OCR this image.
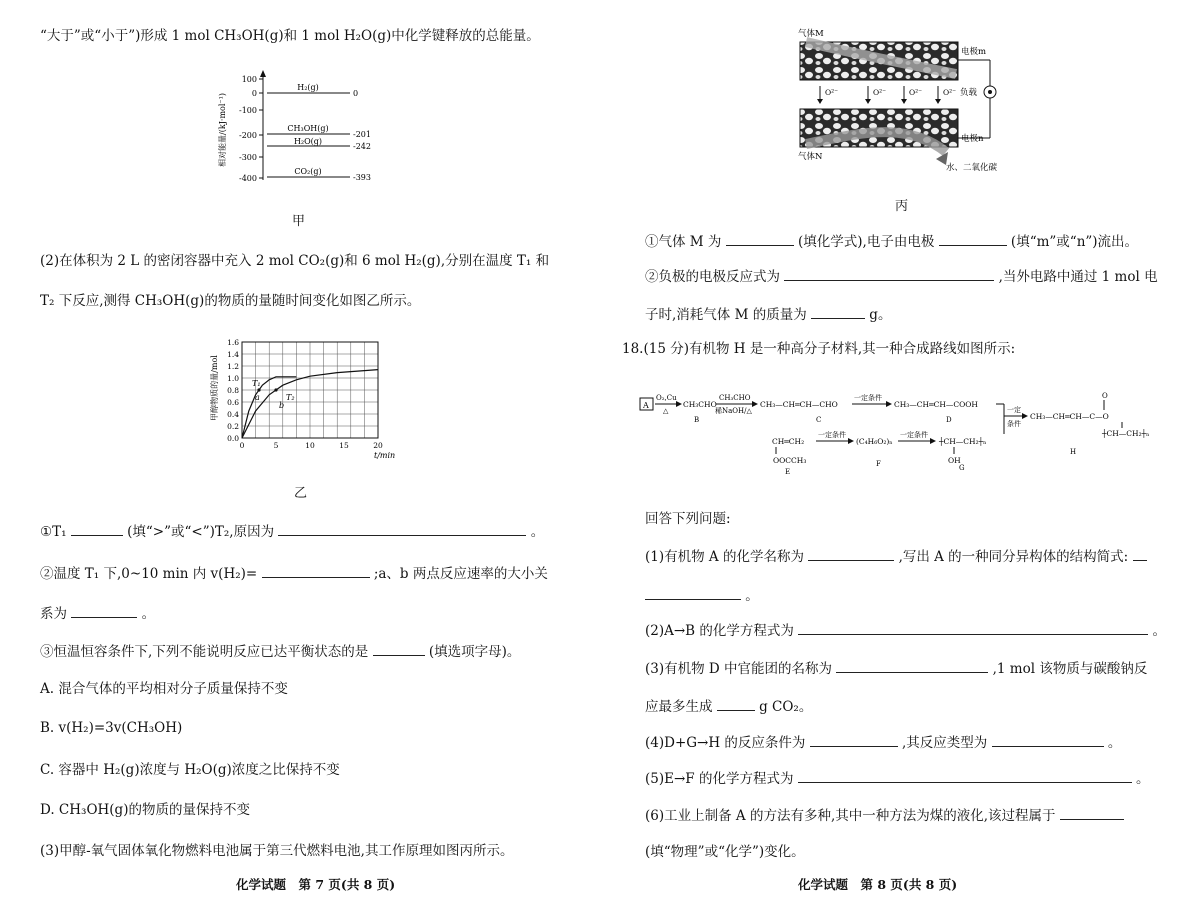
“大于”或“小于”)形成 1 mol CH₃OH(g)和 1 mol H₂O(g)中化学键释放的总能量。
相对能量/(kJ·mol⁻¹)
100
0
-100
-200
-300
-400
H₂(g)
0
CH₃OH(g)
-201
H₂O(g)
-242
CO₂(g)
-393
甲
(2)在体积为 2 L 的密闭容器中充入 2 mol CO₂(g)和 6 mol H₂(g),分别在温度 T₁ 和
T₂ 下反应,测得 CH₃OH(g)的物质的量随时间变化如图乙所示。
甲醇物质的量/mol
0.0
0.2
0.4
0.6
0.8
1.0
1.2
1.4
1.6
0	5	10	15	20
t/min
T₁
T₂
a
b
乙
①T₁	(填“>”或“<”)T₂,原因为	。
②温度 T₁ 下,0~10 min 内 v(H₂)=	;a、b 两点反应速率的大小关
系为	。
③恒温恒容条件下,下列不能说明反应已达平衡状态的是	(填选项字母)。
A. 混合气体的平均相对分子质量保持不变
B. v(H₂)=3v(CH₃OH)
C. 容器中 H₂(g)浓度与 H₂O(g)浓度之比保持不变
D. CH₃OH(g)的物质的量保持不变
(3)甲醇-氧气固体氧化物燃料电池属于第三代燃料电池,其工作原理如图丙所示。
化学试题　第 7 页(共 8 页)
气体M
电极m
负载
O²⁻	O²⁻	O²⁻	O²⁻
电极n
气体N
水、二氧化碳
丙
①气体 M 为	(填化学式),电子由电极	(填“m”或“n”)流出。
②负极的电极反应式为	,当外电路中通过 1 mol 电
子时,消耗气体 M 的质量为	g。
18.(15 分)有机物 H 是一种高分子材料,其一种合成路线如图所示:
A
O₂,Cu
△
CH₃CHO
B
CH₃CHO
稀NaOH/△
CH₃—CH═CH—CHO
C
一定条件
CH₃—CH═CH—COOH
D
一定
条件
O
CH₃—CH═CH—C—O
┼CH—CH₂┼ₙ
H
CH═CH₂
OOCCH₃
E
一定条件
(C₄H₆O₂)ₙ
F
一定条件
┼CH—CH₂┼ₙ
OH
G
回答下列问题:
(1)有机物 A 的化学名称为	,写出 A 的一种同分异构体的结构简式:
。
(2)A→B 的化学方程式为	。
(3)有机物 D 中官能团的名称为	,1 mol 该物质与碳酸钠反
应最多生成	g CO₂。
(4)D+G→H 的反应条件为	,其反应类型为	。
(5)E→F 的化学方程式为	。
(6)工业上制备 A 的方法有多种,其中一种方法为煤的液化,该过程属于
(填“物理”或“化学”)变化。
化学试题　第 8 页(共 8 页)
